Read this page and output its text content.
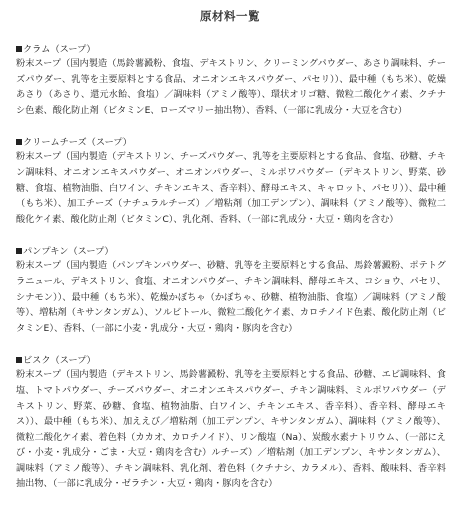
原材料一覧
クラム（スープ）
粉末スープ（国内製造（馬鈴薯澱粉、食塩、デキストリン、クリーミングパウダー、あさり調味料、チーズパウダー、乳等を主要原料とする食品、オニオンエキスパウダー、パセリ））、最中種（もち米）、乾燥あさり（あさり、還元水飴、食塩）／調味料（アミノ酸等）、環状オリゴ糖、微粒二酸化ケイ素、クチナシ色素、酸化防止剤（ビタミンE、ローズマリー抽出物）、香料、（一部に乳成分・大豆を含む）
クリームチーズ（スープ）
粉末スープ（国内製造（デキストリン、チーズパウダー、乳等を主要原料とする食品、食塩、砂糖、チキン調味料、オニオンエキスパウダー、オニオンパウダー、ミルポワパウダー（デキストリン、野菜、砂糖、食塩、植物油脂、白ワイン、チキンエキス、香辛料）、酵母エキス、キャロット、パセリ））、最中種（もち米）、加工チーズ（ナチュラルチーズ）／増粘剤（加工デンプン）、調味料（アミノ酸等）、微粒二酸化ケイ素、酸化防止剤（ビタミンC）、乳化剤、香料、（一部に乳成分・大豆・鶏肉を含む）
パンプキン（スープ）
粉末スープ（国内製造（パンプキンパウダー、砂糖、乳等を主要原料とする食品、馬鈴薯澱粉、ポテトグラニュール、デキストリン、食塩、オニオンパウダー、チキン調味料、酵母エキス、コショウ、パセリ、シナモン））、最中種（もち米）、乾燥かぼちゃ（かぼちゃ、砂糖、植物油脂、食塩）／調味料（アミノ酸等）、増粘剤（キサンタンガム）、ソルビトール、微粒二酸化ケイ素、カロチノイド色素、酸化防止剤（ビタミンE）、香料、（一部に小麦・乳成分・大豆・鶏肉・豚肉を含む）
ビスク（スープ）
粉末スープ（国内製造（デキストリン、馬鈴薯澱粉、乳等を主要原料とする食品、砂糖、エビ調味料、食塩、トマトパウダー、チーズパウダー、オニオンエキスパウダー、チキン調味料、ミルポワパウダー（デキストリン、野菜、砂糖、食塩、植物油脂、白ワイン、チキンエキス、香辛料）、香辛料、酵母エキス））、最中種（もち米）、加ええび／増粘剤（加工デンプン、キサンタンガム）、調味料（アミノ酸等）、微粒二酸化ケイ素、着色料（カカオ、カロチノイド）、リン酸塩（Na）、炭酸水素ナトリウム、（一部にえび・小麦・乳成分・ごま・大豆・鶏肉を含む）ルチーズ）／増粘剤（加工デンプン、キサンタンガム）、調味料（アミノ酸等）、チキン調味料、乳化剤、着色料（クチナシ、カラメル）、香料、酸味料、香辛料抽出物、（一部に乳成分・ゼラチン・大豆・鶏肉・豚肉を含む）
